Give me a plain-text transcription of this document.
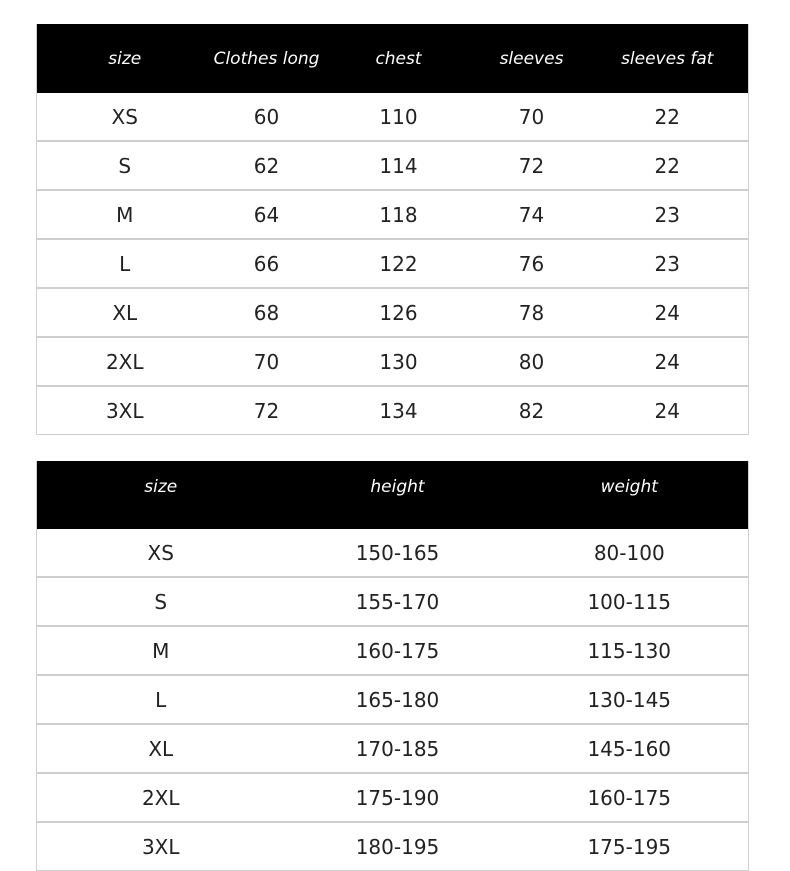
size	Clothes long	chest	sleeves	sleeves fat
XS	60	110	70	22
S	62	114	72	22
M	64	118	74	23
L	66	122	76	23
XL	68	126	78	24
2XL	70	130	80	24
3XL	72	134	82	24
size	height	weight

XS	150-165	80-100
S	155-170	100-115
M	160-175	115-130
L	165-180	130-145
XL	170-185	145-160
2XL	175-190	160-175
3XL	180-195	175-195
